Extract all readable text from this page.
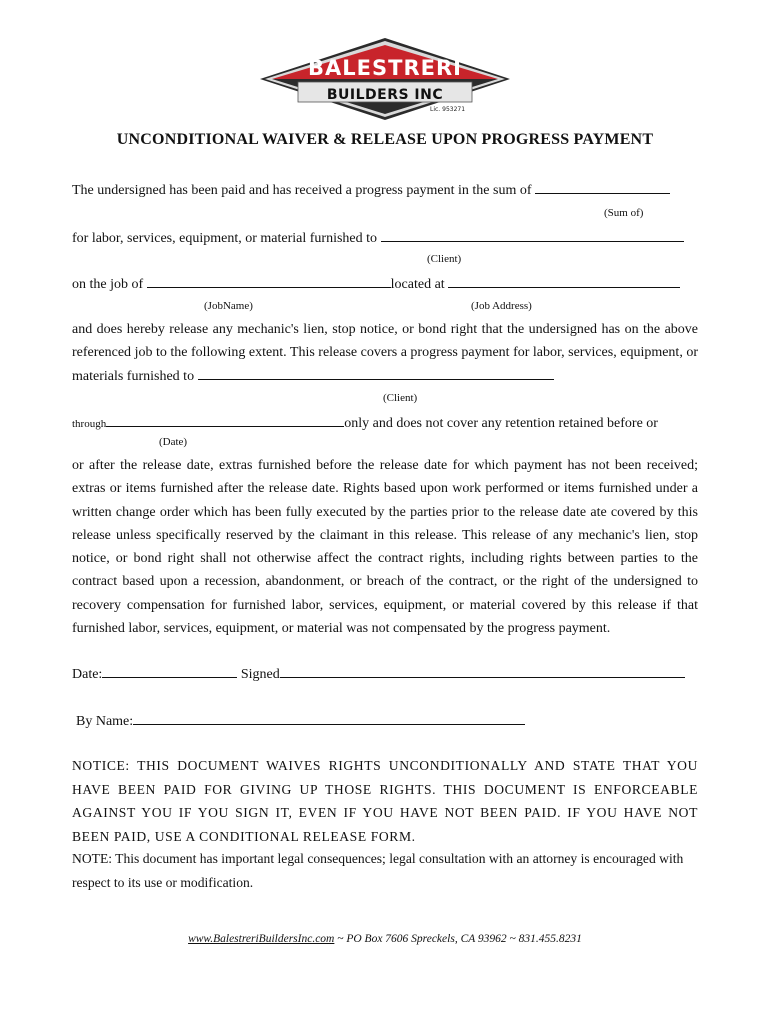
BALESTRERI
BUILDERS INC
Lic. 953271
UNCONDITIONAL WAIVER & RELEASE UPON PROGRESS PAYMENT
The undersigned has been paid and has received a progress payment in the sum of
(Sum of)
for labor, services, equipment, or material furnished to
(Client)
on the job of	located at
(JobName)	(Job Address)
and does hereby release any mechanic's lien, stop notice, or bond right that the undersigned has on the above referenced job to the following extent. This release covers a progress payment for labor, services, equipment, or materials furnished to
(Client)
through	only and does not cover any retention retained before or
(Date)
or after the release date, extras furnished before the release date for which payment has not been received; extras or items furnished after the release date. Rights based upon work performed or items furnished under a written change order which has been fully executed by the parties prior to the release date ate covered by this release unless specifically reserved by the claimant in this release. This release of any mechanic's lien, stop notice, or bond right shall not otherwise affect the contract rights, including rights between parties to the contract based upon a recession, abandonment, or breach of the contract, or the right of the undersigned to recovery compensation for furnished labor, services, equipment, or material covered by this release if that furnished labor, services, equipment, or material was not compensated by the progress payment.
Date:	Signed
By Name:
NOTICE: THIS DOCUMENT WAIVES RIGHTS UNCONDITIONALLY AND STATE THAT YOU HAVE BEEN PAID FOR GIVING UP THOSE RIGHTS. THIS DOCUMENT IS ENFORCEABLE AGAINST YOU IF YOU SIGN IT, EVEN IF YOU HAVE NOT BEEN PAID. IF YOU HAVE NOT BEEN PAID, USE A CONDITIONAL RELEASE FORM.
NOTE: This document has important legal consequences; legal consultation with an attorney is encouraged with respect to its use or modification.
www.BalestreriBuildersInc.com ~ PO Box 7606 Spreckels, CA 93962 ~ 831.455.8231
